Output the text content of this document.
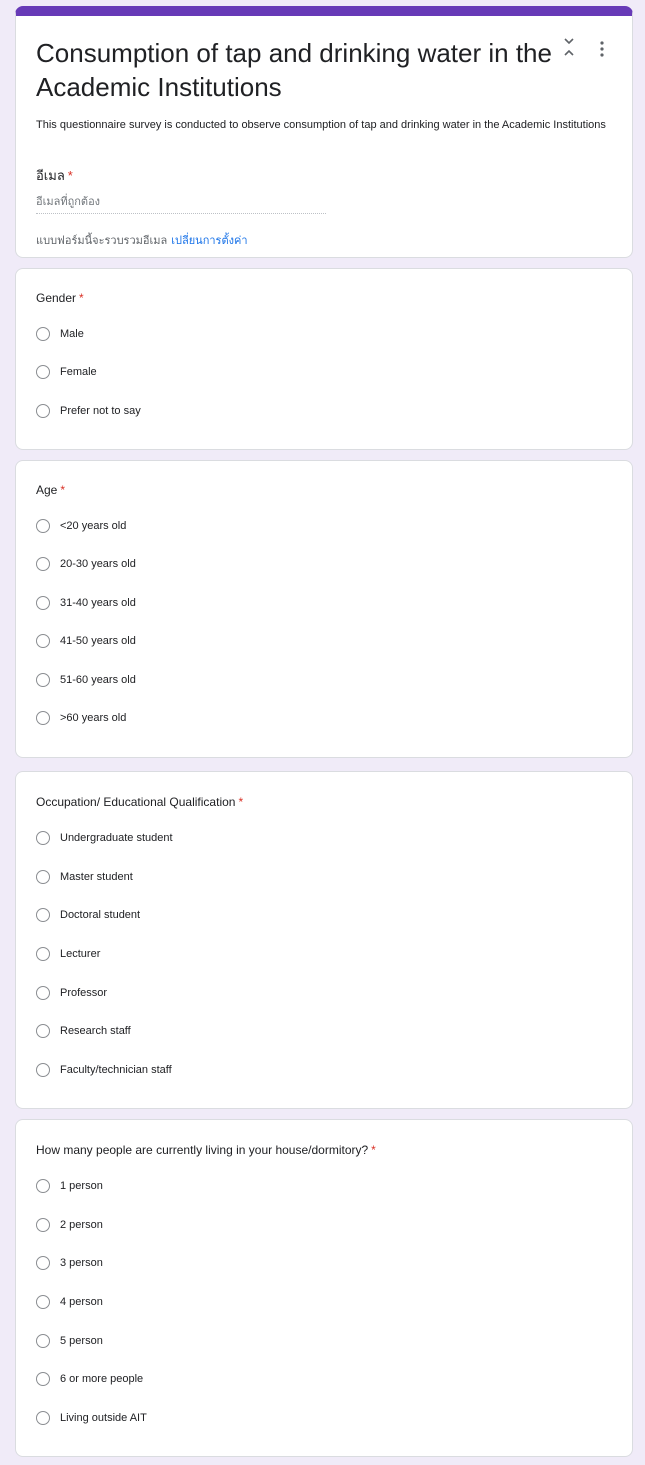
Consumption of tap and drinking water in the Academic Institutions

This questionnaire survey is conducted to observe consumption of tap and drinking water in the Academic Institutions

อีเมล *
อีเมลที่ถูกต้อง
แบบฟอร์มนี้จะรวบรวมอีเมล เปลี่ยนการตั้งค่า
Gender *
Male
Female
Prefer not to say
Age *
<20 years old
20-30 years old
31-40 years old
41-50 years old
51-60 years old
>60 years old
Occupation/ Educational Qualification *
Undergraduate student
Master student
Doctoral student
Lecturer
Professor
Research staff
Faculty/technician staff
How many people are currently living in your house/dormitory? *
1 person
2 person
3 person
4 person
5 person
6 or more people
Living outside AIT
